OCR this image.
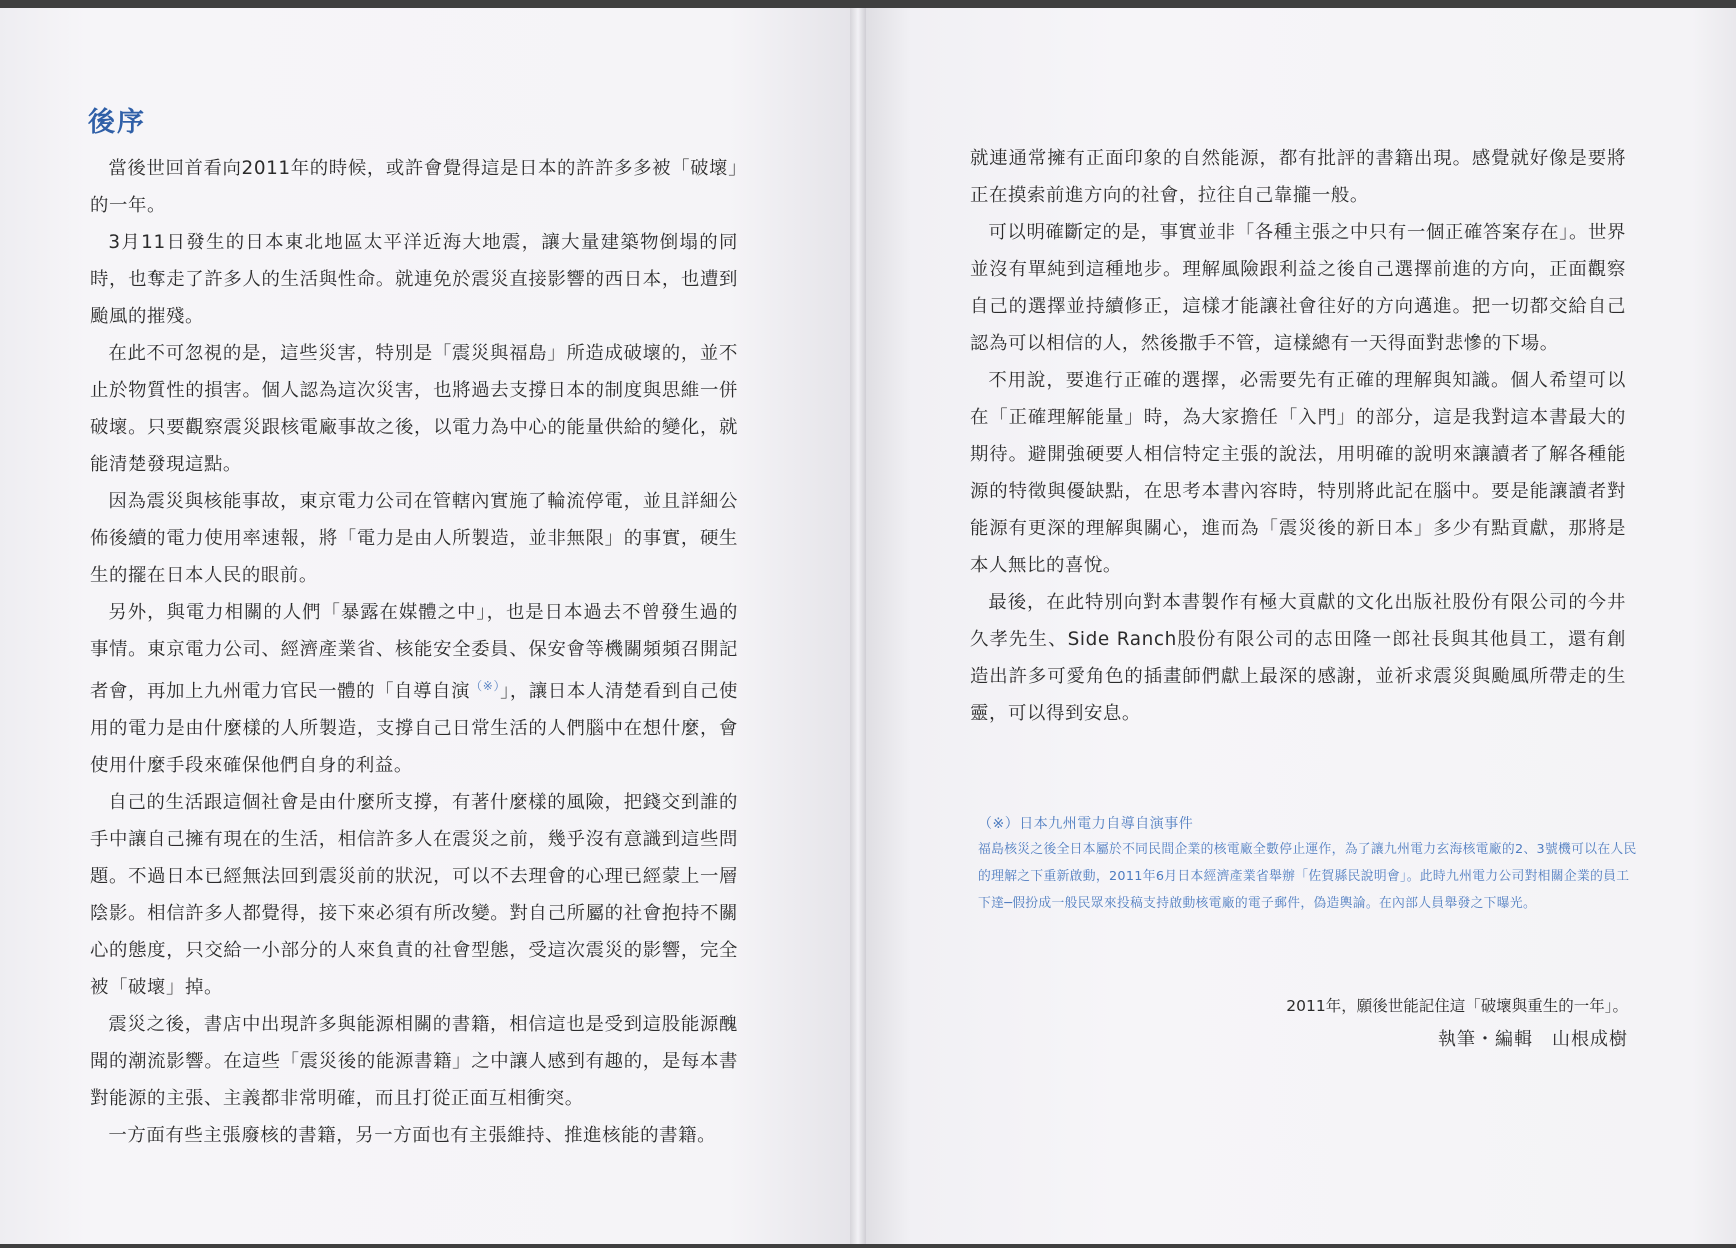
後序

當後世回首看向2011年的時候，或許會覺得這是日本的許許多多被「破壞」的一年。

3月11日發生的日本東北地區太平洋近海大地震，讓大量建築物倒塌的同時，也奪走了許多人的生活與性命。就連免於震災直接影響的西日本，也遭到颱風的摧殘。

在此不可忽視的是，這些災害，特別是「震災與福島」所造成破壞的，並不止於物質性的損害。個人認為這次災害，也將過去支撐日本的制度與思維一併破壞。只要觀察震災跟核電廠事故之後，以電力為中心的能量供給的變化，就能清楚發現這點。

因為震災與核能事故，東京電力公司在管轄內實施了輪流停電，並且詳細公佈後續的電力使用率速報，將「電力是由人所製造，並非無限」的事實，硬生生的擺在日本人民的眼前。

另外，與電力相關的人們「暴露在媒體之中」，也是日本過去不曾發生過的事情。東京電力公司、經濟產業省、核能安全委員、保安會等機關頻頻召開記者會，再加上九州電力官民一體的「自導自演（※）」，讓日本人清楚看到自己使用的電力是由什麼樣的人所製造，支撐自己日常生活的人們腦中在想什麼，會使用什麼手段來確保他們自身的利益。

自己的生活跟這個社會是由什麼所支撐，有著什麼樣的風險，把錢交到誰的手中讓自己擁有現在的生活，相信許多人在震災之前，幾乎沒有意識到這些問題。不過日本已經無法回到震災前的狀況，可以不去理會的心理已經蒙上一層陰影。相信許多人都覺得，接下來必須有所改變。對自己所屬的社會抱持不關心的態度，只交給一小部分的人來負責的社會型態，受這次震災的影響，完全被「破壞」掉。

震災之後，書店中出現許多與能源相關的書籍，相信這也是受到這股能源醜聞的潮流影響。在這些「震災後的能源書籍」之中讓人感到有趣的，是每本書對能源的主張、主義都非常明確，而且打從正面互相衝突。

一方面有些主張廢核的書籍，另一方面也有主張維持、推進核能的書籍。

就連通常擁有正面印象的自然能源，都有批評的書籍出現。感覺就好像是要將正在摸索前進方向的社會，拉往自己靠攏一般。

可以明確斷定的是，事實並非「各種主張之中只有一個正確答案存在」。世界並沒有單純到這種地步。理解風險跟利益之後自己選擇前進的方向，正面觀察自己的選擇並持續修正，這樣才能讓社會往好的方向邁進。把一切都交給自己認為可以相信的人，然後撒手不管，這樣總有一天得面對悲慘的下場。

不用說，要進行正確的選擇，必需要先有正確的理解與知識。個人希望可以在「正確理解能量」時，為大家擔任「入門」的部分，這是我對這本書最大的期待。避開強硬要人相信特定主張的說法，用明確的說明來讓讀者了解各種能源的特徵與優缺點，在思考本書內容時，特別將此記在腦中。要是能讓讀者對能源有更深的理解與關心，進而為「震災後的新日本」多少有點貢獻，那將是本人無比的喜悅。

最後，在此特別向對本書製作有極大貢獻的文化出版社股份有限公司的今井久孝先生、Side Ranch股份有限公司的志田隆一郎社長與其他員工，還有創造出許多可愛角色的插畫師們獻上最深的感謝，並祈求震災與颱風所帶走的生靈，可以得到安息。

（※）日本九州電力自導自演事件

福島核災之後全日本屬於不同民間企業的核電廠全數停止運作，為了讓九州電力玄海核電廠的2、3號機可以在人民的理解之下重新啟動，2011年6月日本經濟產業省舉辦「佐賀縣民說明會」。此時九州電力公司對相關企業的員工下達─假扮成一般民眾來投稿支持啟動核電廠的電子郵件，偽造輿論。在內部人員舉發之下曝光。

2011年，願後世能記住這「破壞與重生的一年」。

執筆・編輯　山根成樹
